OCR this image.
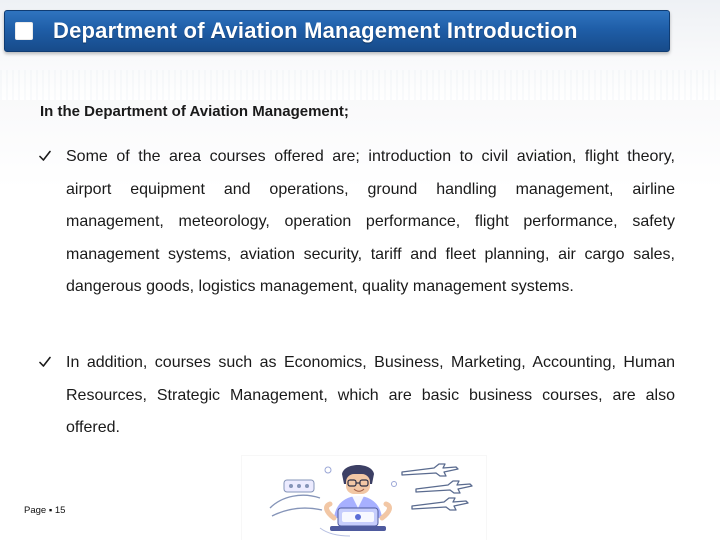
Department of Aviation Management Introduction
In the Department of Aviation Management;
Some of the area courses offered are; introduction to civil aviation, flight theory, airport equipment and operations, ground handling management, airline management, meteorology, operation performance, flight performance, safety management systems, aviation security, tariff and fleet planning, air cargo sales, dangerous goods, logistics management, quality management systems.
In addition, courses such as Economics, Business, Marketing, Accounting, Human Resources, Strategic Management, which are basic business courses, are also offered.
Page ▪ 15
